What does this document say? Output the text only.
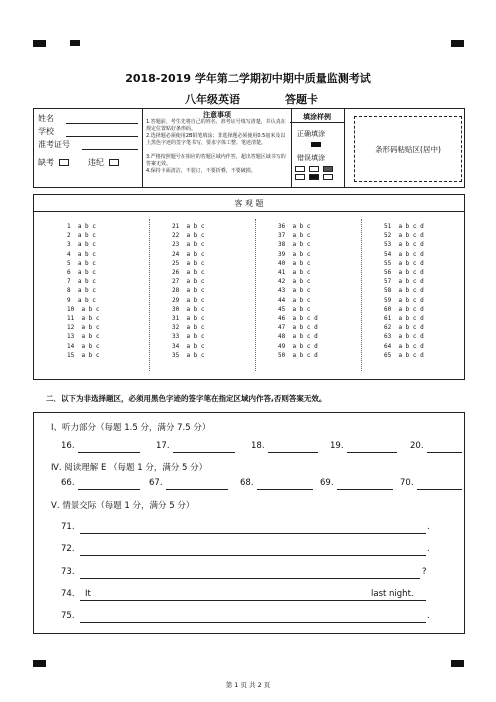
2018-2019 学年第二学期初中期中质量监测考试
八年级英语	答题卡
姓名
学校
准考证号
缺考	违纪
注意事项
1.答题前，考生先将自己的姓名、准考证号填写清楚，并认真在规定位置贴好条形码。
2.选择题必须使用2B铅笔填涂；非选择题必须使用0.5毫米及以上黑色字迹的签字笔书写，要求字体工整、笔迹清楚。
3.严格按照题号在相应的答题区域内作答，超出答题区域书写的答案无效。
4.保持卡面清洁，不装订，不要折叠，不要破损。
填涂样例
正确填涂
错误填涂
条形码粘贴区(居中)
客 观 题
1  a b c
2  a b c
3  a b c
4  a b c
5  a b c
6  a b c
7  a b c
8  a b c
9  a b c
10  a b c
11  a b c
12  a b c
13  a b c
14  a b c
15  a b c
21  a b c
22  a b c
23  a b c
24  a b c
25  a b c
26  a b c
27  a b c
28  a b c
29  a b c
30  a b c
31  a b c
32  a b c
33  a b c
34  a b c
35  a b c
36  a b c
37  a b c
38  a b c
39  a b c
40  a b c
41  a b c
42  a b c
43  a b c
44  a b c
45  a b c
46  a b c d
47  a b c d
48  a b c d
49  a b c d
50  a b c d
51  a b c d
52  a b c d
53  a b c d
54  a b c d
55  a b c d
56  a b c d
57  a b c d
58  a b c d
59  a b c d
60  a b c d
61  a b c d
62  a b c d
63  a b c d
64  a b c d
65  a b c d
二．以下为非选择题区，必须用黑色字迹的签字笔在指定区域内作答,否则答案无效。
Ⅰ、听力部分（每题 1.5 分，满分 7.5 分）
16.	17.	18.	19.	20.
Ⅳ. 阅读理解 E （每题 1 分，满分 5 分）
66.	67.	68.	69.	70.
Ⅴ. 情景交际（每题 1 分，满分 5 分）
71.	.
72.	.
73.	?
74. It	last night.
75.	.
第 1 页 共 2 页
